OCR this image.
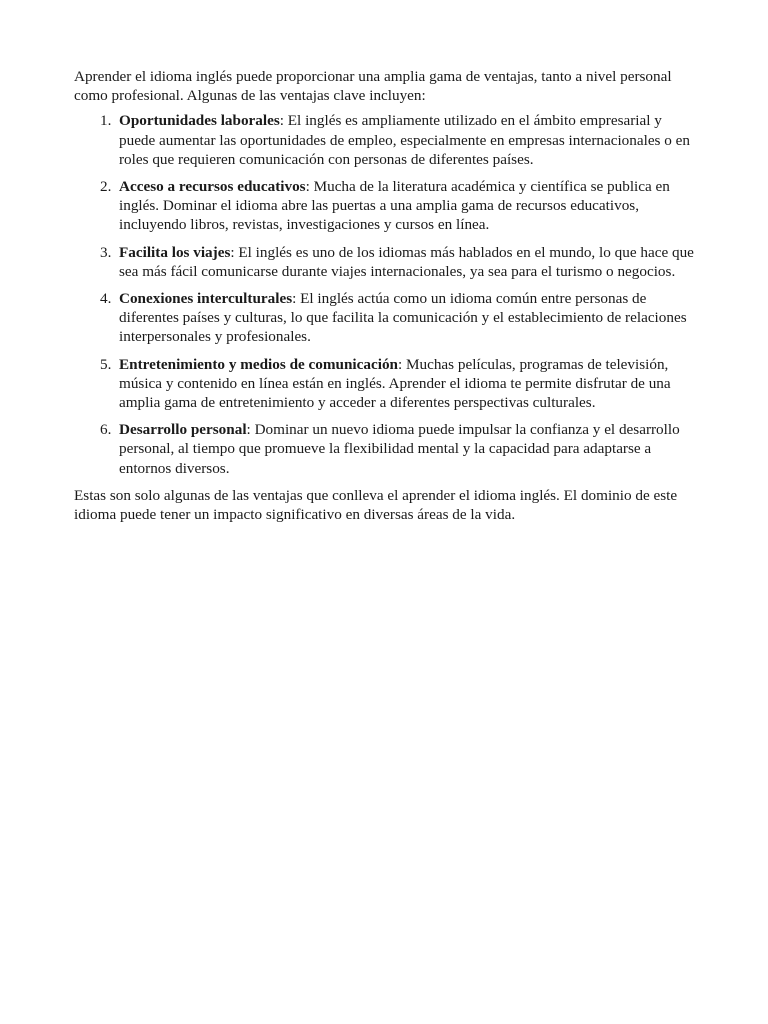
Aprender el idioma inglés puede proporcionar una amplia gama de ventajas, tanto a nivel personal como profesional. Algunas de las ventajas clave incluyen:

1. Oportunidades laborales: El inglés es ampliamente utilizado en el ámbito empresarial y puede aumentar las oportunidades de empleo, especialmente en empresas internacionales o en roles que requieren comunicación con personas de diferentes países.
2. Acceso a recursos educativos: Mucha de la literatura académica y científica se publica en inglés. Dominar el idioma abre las puertas a una amplia gama de recursos educativos, incluyendo libros, revistas, investigaciones y cursos en línea.
3. Facilita los viajes: El inglés es uno de los idiomas más hablados en el mundo, lo que hace que sea más fácil comunicarse durante viajes internacionales, ya sea para el turismo o negocios.
4. Conexiones interculturales: El inglés actúa como un idioma común entre personas de diferentes países y culturas, lo que facilita la comunicación y el establecimiento de relaciones interpersonales y profesionales.
5. Entretenimiento y medios de comunicación: Muchas películas, programas de televisión, música y contenido en línea están en inglés. Aprender el idioma te permite disfrutar de una amplia gama de entretenimiento y acceder a diferentes perspectivas culturales.
6. Desarrollo personal: Dominar un nuevo idioma puede impulsar la confianza y el desarrollo personal, al tiempo que promueve la flexibilidad mental y la capacidad para adaptarse a entornos diversos.

Estas son solo algunas de las ventajas que conlleva el aprender el idioma inglés. El dominio de este idioma puede tener un impacto significativo en diversas áreas de la vida.
